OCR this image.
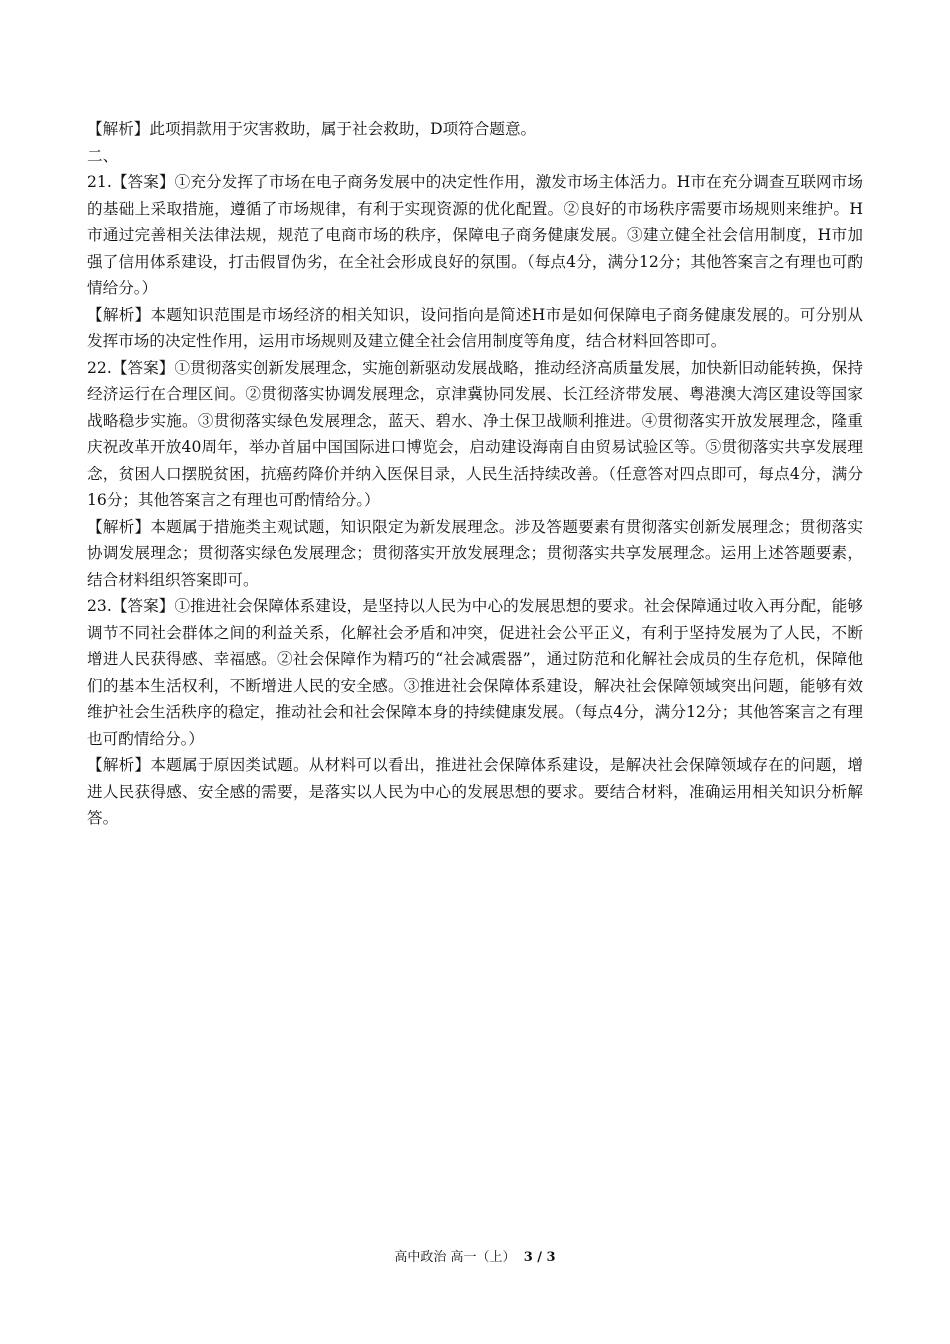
【解析】此项捐款用于灾害救助，属于社会救助，D项符合题意。

二、

21.【答案】①充分发挥了市场在电子商务发展中的决定性作用，激发市场主体活力。H市在充分调查互联网市场的基础上采取措施，遵循了市场规律，有利于实现资源的优化配置。②良好的市场秩序需要市场规则来维护。H市通过完善相关法律法规，规范了电商市场的秩序，保障电子商务健康发展。③建立健全社会信用制度，H市加强了信用体系建设，打击假冒伪劣，在全社会形成良好的氛围。（每点4分，满分12分；其他答案言之有理也可酌情给分。）

【解析】本题知识范围是市场经济的相关知识，设问指向是简述H市是如何保障电子商务健康发展的。可分别从发挥市场的决定性作用，运用市场规则及建立健全社会信用制度等角度，结合材料回答即可。

22.【答案】①贯彻落实创新发展理念，实施创新驱动发展战略，推动经济高质量发展，加快新旧动能转换，保持经济运行在合理区间。②贯彻落实协调发展理念，京津冀协同发展、长江经济带发展、粤港澳大湾区建设等国家战略稳步实施。③贯彻落实绿色发展理念，蓝天、碧水、净土保卫战顺利推进。④贯彻落实开放发展理念，隆重庆祝改革开放40周年，举办首届中国国际进口博览会，启动建设海南自由贸易试验区等。⑤贯彻落实共享发展理念，贫困人口摆脱贫困，抗癌药降价并纳入医保目录，人民生活持续改善。（任意答对四点即可，每点4分，满分16分；其他答案言之有理也可酌情给分。）

【解析】本题属于措施类主观试题，知识限定为新发展理念。涉及答题要素有贯彻落实创新发展理念；贯彻落实协调发展理念；贯彻落实绿色发展理念；贯彻落实开放发展理念；贯彻落实共享发展理念。运用上述答题要素，结合材料组织答案即可。

23.【答案】①推进社会保障体系建设，是坚持以人民为中心的发展思想的要求。社会保障通过收入再分配，能够调节不同社会群体之间的利益关系，化解社会矛盾和冲突，促进社会公平正义，有利于坚持发展为了人民，不断增进人民获得感、幸福感。②社会保障作为精巧的“社会减震器”，通过防范和化解社会成员的生存危机，保障他们的基本生活权利，不断增进人民的安全感。③推进社会保障体系建设，解决社会保障领域突出问题，能够有效维护社会生活秩序的稳定，推动社会和社会保障本身的持续健康发展。（每点4分，满分12分；其他答案言之有理也可酌情给分。）

【解析】本题属于原因类试题。从材料可以看出，推进社会保障体系建设，是解决社会保障领域存在的问题，增进人民获得感、安全感的需要，是落实以人民为中心的发展思想的要求。要结合材料，准确运用相关知识分析解答。

高中政治 高一（上） 3 / 3
